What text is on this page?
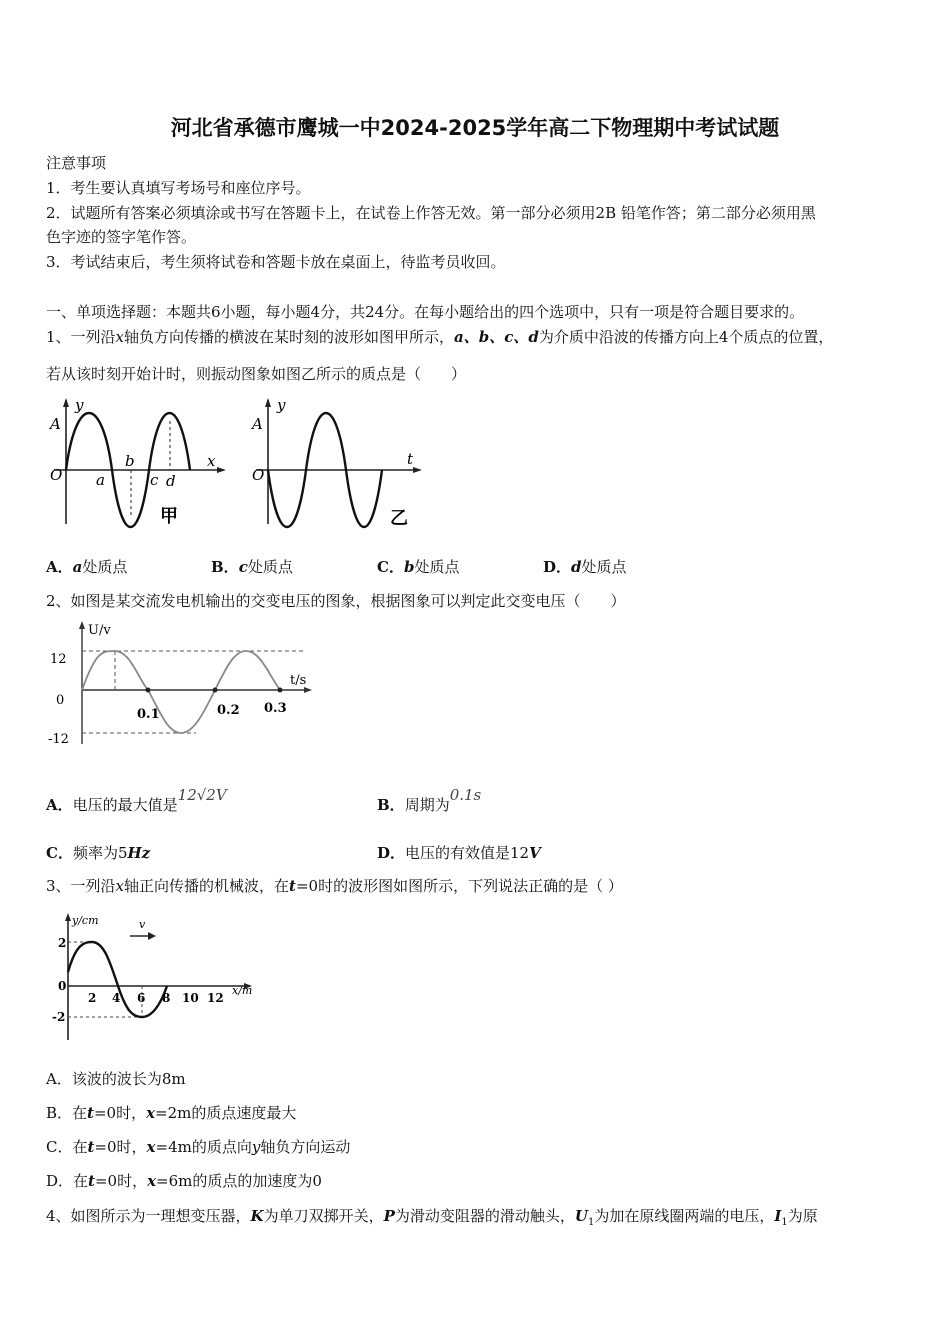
河北省承德市鹰城一中2024-2025学年高二下物理期中考试试题
注意事项
1．考生要认真填写考场号和座位序号。
2．试题所有答案必须填涂或书写在答题卡上，在试卷上作答无效。第一部分必须用2B 铅笔作答；第二部分必须用黑
色字迹的签字笔作答。
3．考试结束后，考生须将试卷和答题卡放在桌面上，待监考员收回。
一、单项选择题：本题共6小题，每小题4分，共24分。在每小题给出的四个选项中，只有一项是符合题目要求的。
1、一列沿x轴负方向传播的横波在某时刻的波形如图甲所示，a、b、c、d为介质中沿波的传播方向上4个质点的位置，
若从该时刻开始计时，则振动图象如图乙所示的质点是（　　）
y
A
O
x
a
b
c d
甲
y
A
O
t
乙
A．a处质点	B．c处质点	C．b处质点	D．d处质点
2、如图是某交流发电机输出的交变电压的图象，根据图象可以判定此交变电压（　　）
U/v
t/s
12
0
-12
0.1	0.2 0.3
A．电压的最大值是12√2V
B．周期为0.1s
C．频率为5Hz	D．电压的有效值是12V
3、一列沿x轴正向传播的机械波，在t=0时的波形图如图所示，下列说法正确的是（ ）
y/cm
x/m
v
2
0
-2
2 4 6 8 10 12
A．该波的波长为8m
B．在t=0时，x=2m的质点速度最大
C．在t=0时，x=4m的质点向y轴负方向运动
D．在t=0时，x=6m的质点的加速度为0
4、如图所示为一理想变压器，K为单刀双掷开关，P为滑动变阻器的滑动触头，$U_1$为加在原线圈两端的电压，$I_1$为原
